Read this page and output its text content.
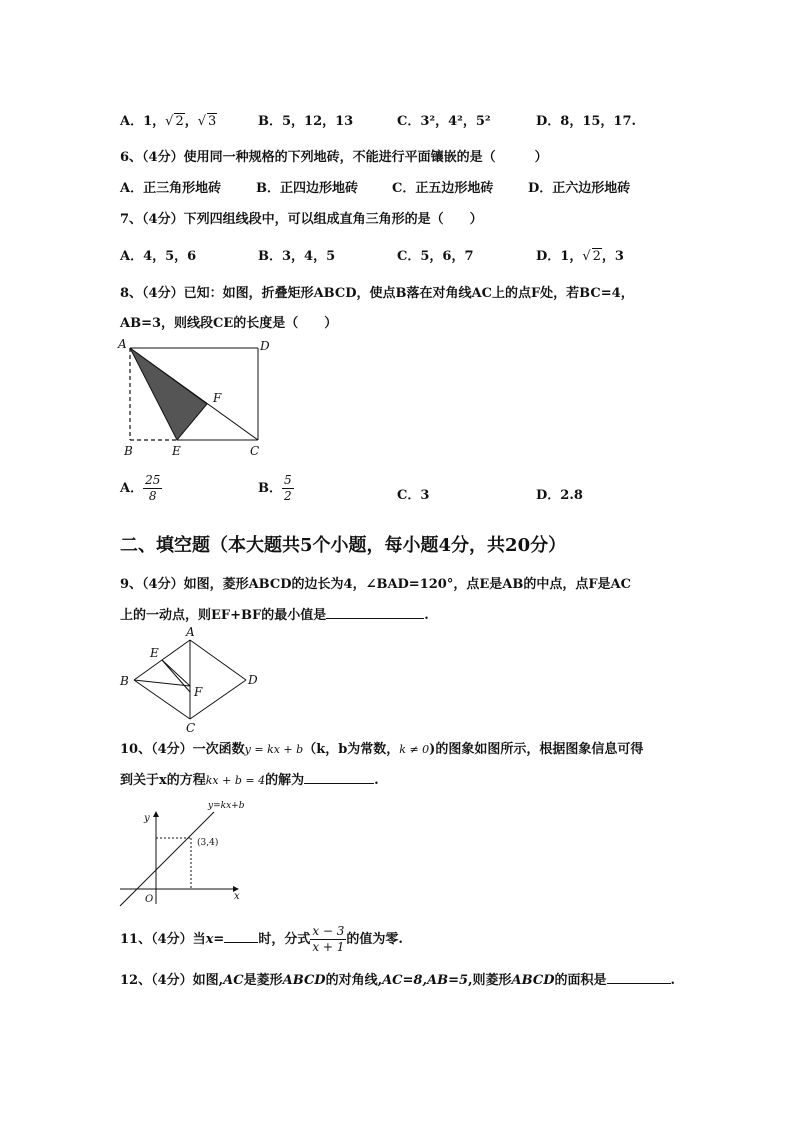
A．1，√ 2，√ 3	B．5，12，13	C．3²，4²，5²	D．8，15，17.
6、（4分）使用同一种规格的下列地砖，不能进行平面镶嵌的是（　　　）
A．正三角形地砖	B．正四边形地砖	C．正五边形地砖	D．正六边形地砖
7、（4分）下列四组线段中，可以组成直角三角形的是（　　）
A．4，5，6	B．3，4，5	C．5，6，7	D．1，√ 2，3
8、（4分）已知：如图，折叠矩形ABCD，使点B落在对角线AC上的点F处，若BC=4，
AB=3，则线段CE的长度是（　　）
A	D
B	E	C
F
A． $\frac{25}{8}$	B． $\frac{5}{2}$	C．3	D．2.8
二、填空题（本大题共5个小题，每小题4分，共20分）
9、（4分）如图，菱形ABCD的边长为4，∠BAD=120°，点E是AB的中点，点F是AC
上的一动点，则EF+BF的最小值是	.
A
B
C
D
E
F
10、（4分）一次函数y = kx + b（k，b为常数，k ≠ 0)的图象如图所示，根据图象信息可得
到关于x的方程kx + b = 4的解为	.
y=kx+b
(3,4)
x
y
O
11、（4分）当x=	时，分式 $\frac{x - 3}{x + 1}$ 的值为零.
12、（4分）如图,AC是菱形ABCD的对角线,AC=8,AB=5,则菱形ABCD的面积是	.
